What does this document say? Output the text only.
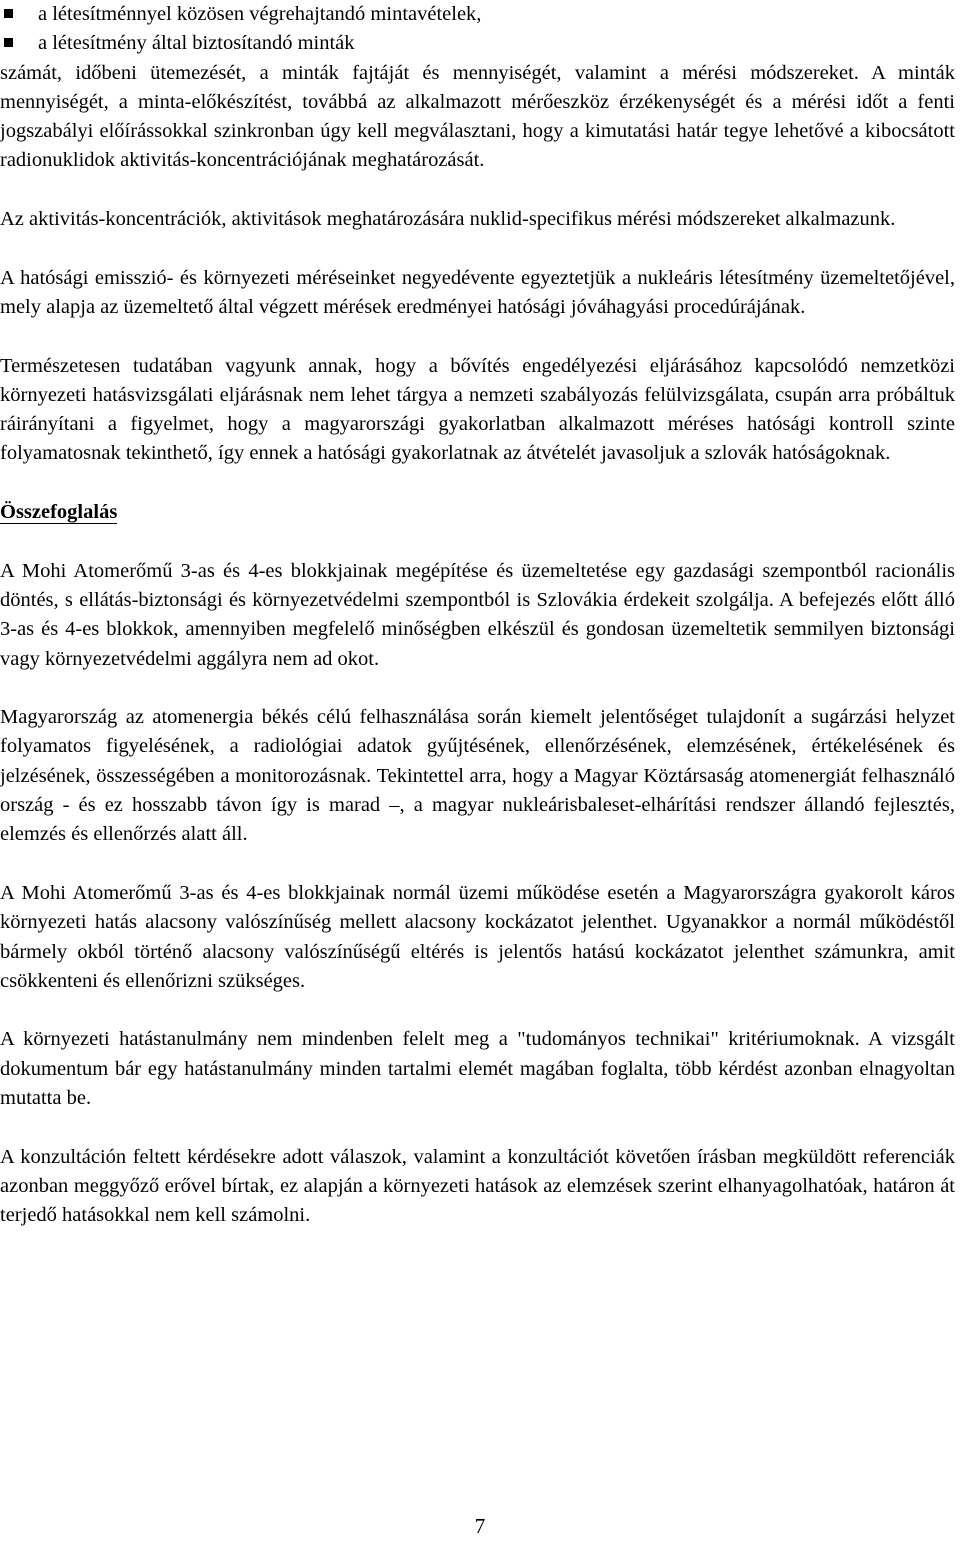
a létesítménnyel közösen végrehajtandó mintavételek,
a létesítmény által biztosítandó minták

számát, időbeni ütemezését, a minták fajtáját és mennyiségét, valamint a mérési módszereket. A minták mennyiségét, a minta-előkészítést, továbbá az alkalmazott mérőeszköz érzékenységét és a mérési időt a fenti jogszabályi előírássokkal szinkronban úgy kell megválasztani, hogy a kimutatási határ tegye lehetővé a kibocsátott radionuklidok aktivitás-koncentrációjának meghatározását.

Az aktivitás-koncentrációk, aktivitások meghatározására nuklid-specifikus mérési módszereket alkalmazunk.

A hatósági emisszió- és környezeti méréseinket negyedévente egyeztetjük a nukleáris létesítmény üzemeltetőjével, mely alapja az üzemeltető által végzett mérések eredményei hatósági jóváhagyási procedúrájának.

Természetesen tudatában vagyunk annak, hogy a bővítés engedélyezési eljárásához kapcsolódó nemzetközi környezeti hatásvizsgálati eljárásnak nem lehet tárgya a nemzeti szabályozás felülvizsgálata, csupán arra próbáltuk ráirányítani a figyelmet, hogy a magyarországi gyakorlatban alkalmazott méréses hatósági kontroll szinte folyamatosnak tekinthető, így ennek a hatósági gyakorlatnak az átvételét javasoljuk a szlovák hatóságoknak.

Összefoglalás

A Mohi Atomerőmű 3-as és 4-es blokkjainak megépítése és üzemeltetése egy gazdasági szempontból racionális döntés, s ellátás-biztonsági és környezetvédelmi szempontból is Szlovákia érdekeit szolgálja. A befejezés előtt álló 3-as és 4-es blokkok, amennyiben megfelelő minőségben elkészül és gondosan üzemeltetik semmilyen biztonsági vagy környezetvédelmi aggályra nem ad okot.

Magyarország az atomenergia békés célú felhasználása során kiemelt jelentőséget tulajdonít a sugárzási helyzet folyamatos figyelésének, a radiológiai adatok gyűjtésének, ellenőrzésének, elemzésének, értékelésének és jelzésének, összességében a monitorozásnak. Tekintettel arra, hogy a Magyar Köztársaság atomenergiát felhasználó ország - és ez hosszabb távon így is marad –, a magyar nukleárisbaleset-elhárítási rendszer állandó fejlesztés, elemzés és ellenőrzés alatt áll.

A Mohi Atomerőmű 3-as és 4-es blokkjainak normál üzemi működése esetén a Magyarországra gyakorolt káros környezeti hatás alacsony valószínűség mellett alacsony kockázatot jelenthet. Ugyanakkor a normál működéstől bármely okból történő alacsony valószínűségű eltérés is jelentős hatású kockázatot jelenthet számunkra, amit csökkenteni és ellenőrizni szükséges.

A környezeti hatástanulmány nem mindenben felelt meg a "tudományos technikai" kritériumoknak. A vizsgált dokumentum bár egy hatástanulmány minden tartalmi elemét magában foglalta, több kérdést azonban elnagyoltan mutatta be.

A konzultáción feltett kérdésekre adott válaszok, valamint a konzultációt követően írásban megküldött referenciák azonban meggyőző erővel bírtak, ez alapján a környezeti hatások az elemzések szerint elhanyagolhatóak, határon át terjedő hatásokkal nem kell számolni.

7
